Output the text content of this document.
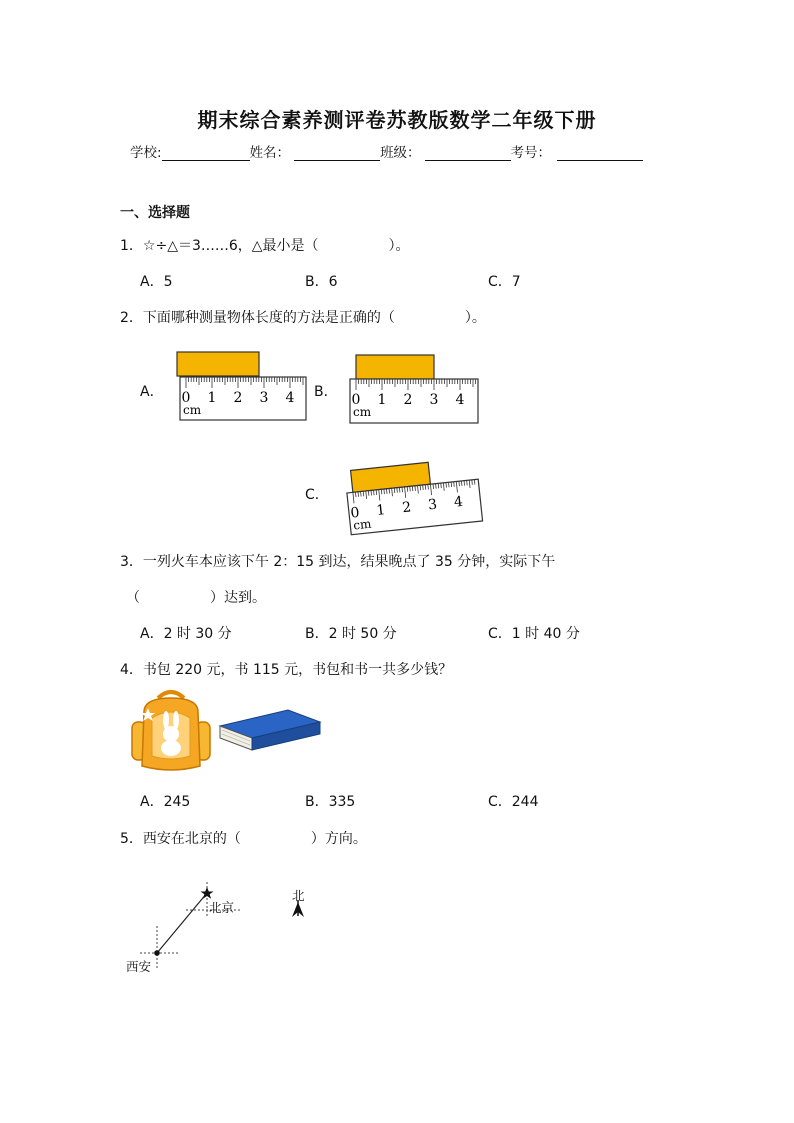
期末综合素养测评卷苏教版数学二年级下册
学校:	姓名：	班级：	考号：
一、选择题
1．☆÷△＝3……6，△最小是（　　　　　）。
A．5	B．6	C．7
2．下面哪种测量物体长度的方法是正确的（　　　　　）。
A．	B．
C．
0 1 2 3 4
cm
0 1 2 3 4
cm
0 1 2 3 4
cm
3．一列火车本应该下午 2：15 到达，结果晚点了 35 分钟，实际下午
（　　　　　）达到。
A．2 时 30 分	B．2 时 50 分	C．1 时 40 分
4．书包 220 元，书 115 元，书包和书一共多少钱？
A．245	B．335	C．244
5．西安在北京的（　　　　　）方向。
北京
西安
北
